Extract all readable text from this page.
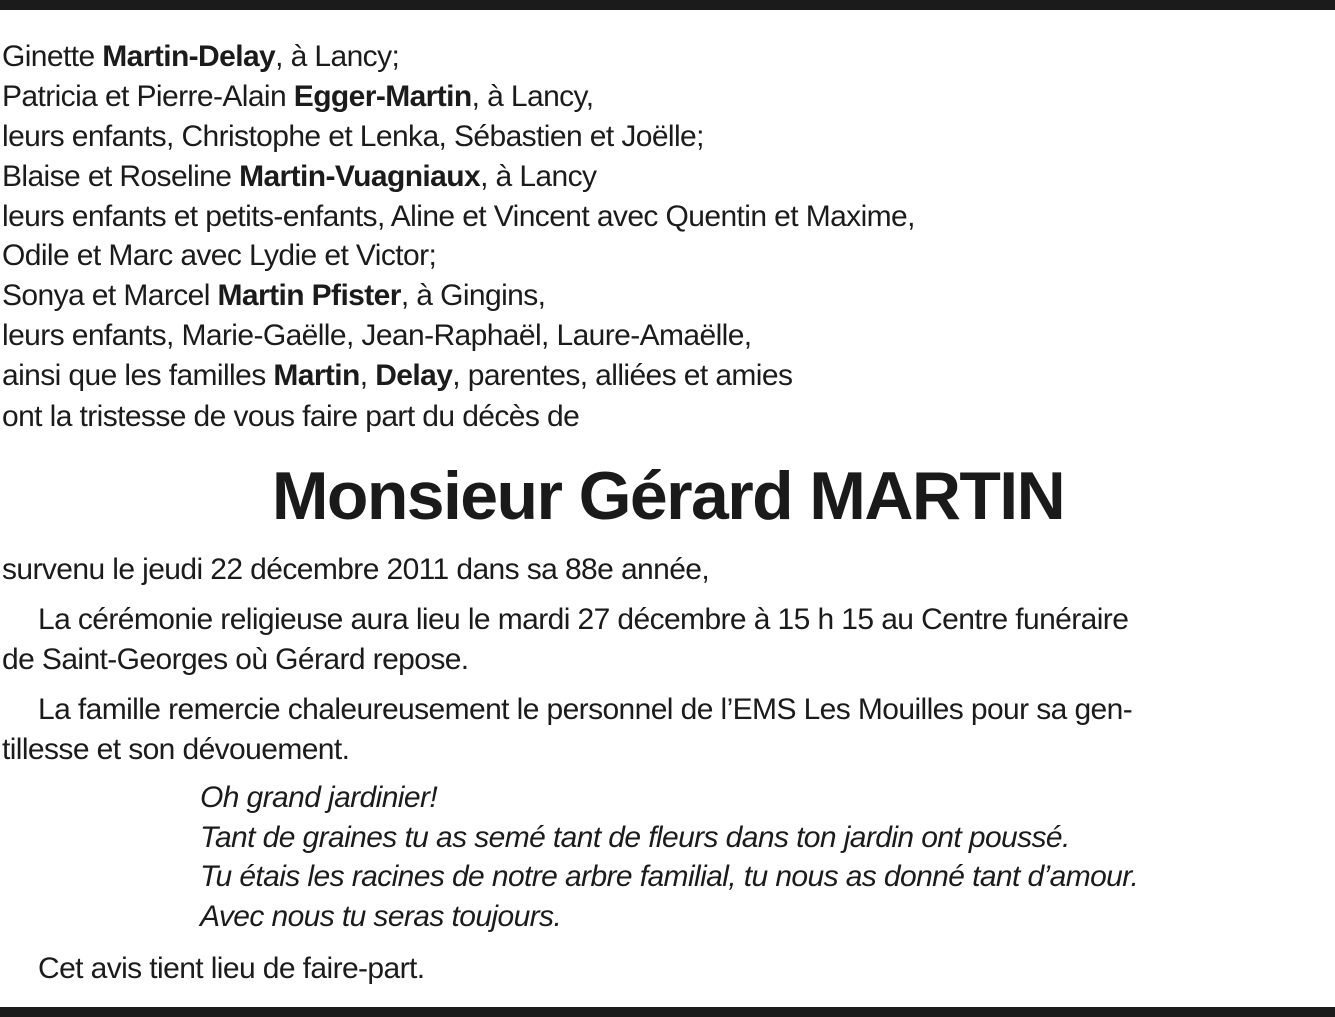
Ginette Martin-Delay, à Lancy;
Patricia et Pierre-Alain Egger-Martin, à Lancy,
leurs enfants, Christophe et Lenka, Sébastien et Joëlle;
Blaise et Roseline Martin-Vuagniaux, à Lancy
leurs enfants et petits-enfants, Aline et Vincent avec Quentin et Maxime,
Odile et Marc avec Lydie et Victor;
Sonya et Marcel Martin Pfister, à Gingins,
leurs enfants, Marie-Gaëlle, Jean-Raphaël, Laure-Amaëlle,
ainsi que les familles Martin, Delay, parentes, alliées et amies
ont la tristesse de vous faire part du décès de
Monsieur Gérard MARTIN
survenu le jeudi 22 décembre 2011 dans sa 88e année,
La cérémonie religieuse aura lieu le mardi 27 décembre à 15 h 15 au Centre funéraire
de Saint-Georges où Gérard repose.
La famille remercie chaleureusement le personnel de l’EMS Les Mouilles pour sa gen-
tillesse et son dévouement.
Oh grand jardinier!
Tant de graines tu as semé tant de fleurs dans ton jardin ont poussé.
Tu étais les racines de notre arbre familial, tu nous as donné tant d’amour.
Avec nous tu seras toujours.
Cet avis tient lieu de faire-part.
